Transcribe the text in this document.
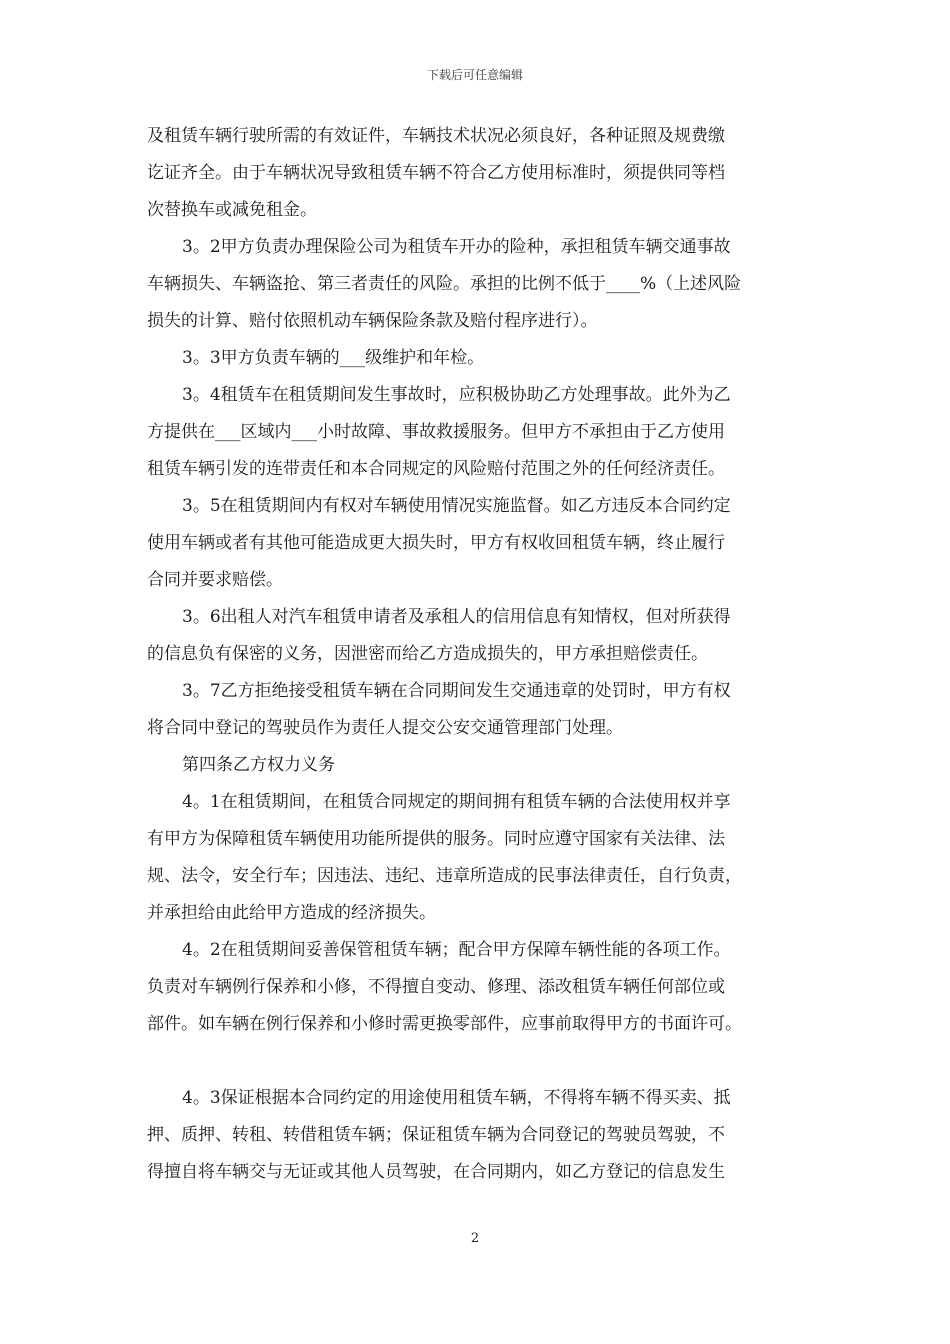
下载后可任意编辑
及租赁车辆行驶所需的有效证件，车辆技术状况必须良好，各种证照及规费缴
讫证齐全。由于车辆状况导致租赁车辆不符合乙方使用标准时，须提供同等档
次替换车或减免租金。
3。2甲方负责办理保险公司为租赁车开办的险种，承担租赁车辆交通事故
车辆损失、车辆盗抢、第三者责任的风险。承担的比例不低于____%（上述风险
损失的计算、赔付依照机动车辆保险条款及赔付程序进行）。
3。3甲方负责车辆的___级维护和年检。
3。4租赁车在租赁期间发生事故时，应积极协助乙方处理事故。此外为乙
方提供在___区域内___小时故障、事故救援服务。但甲方不承担由于乙方使用
租赁车辆引发的连带责任和本合同规定的风险赔付范围之外的任何经济责任。
3。5在租赁期间内有权对车辆使用情况实施监督。如乙方违反本合同约定
使用车辆或者有其他可能造成更大损失时，甲方有权收回租赁车辆，终止履行
合同并要求赔偿。
3。6出租人对汽车租赁申请者及承租人的信用信息有知情权，但对所获得
的信息负有保密的义务，因泄密而给乙方造成损失的，甲方承担赔偿责任。
3。7乙方拒绝接受租赁车辆在合同期间发生交通违章的处罚时，甲方有权
将合同中登记的驾驶员作为责任人提交公安交通管理部门处理。
第四条乙方权力义务
4。1在租赁期间，在租赁合同规定的期间拥有租赁车辆的合法使用权并享
有甲方为保障租赁车辆使用功能所提供的服务。同时应遵守国家有关法律、法
规、法令，安全行车；因违法、违纪、违章所造成的民事法律责任，自行负责，
并承担给由此给甲方造成的经济损失。
4。2在租赁期间妥善保管租赁车辆；配合甲方保障车辆性能的各项工作。
负责对车辆例行保养和小修，不得擅自变动、修理、添改租赁车辆任何部位或
部件。如车辆在例行保养和小修时需更换零部件，应事前取得甲方的书面许可。
4。3保证根据本合同约定的用途使用租赁车辆，不得将车辆不得买卖、抵
押、质押、转租、转借租赁车辆；保证租赁车辆为合同登记的驾驶员驾驶，不
得擅自将车辆交与无证或其他人员驾驶，在合同期内，如乙方登记的信息发生
2
